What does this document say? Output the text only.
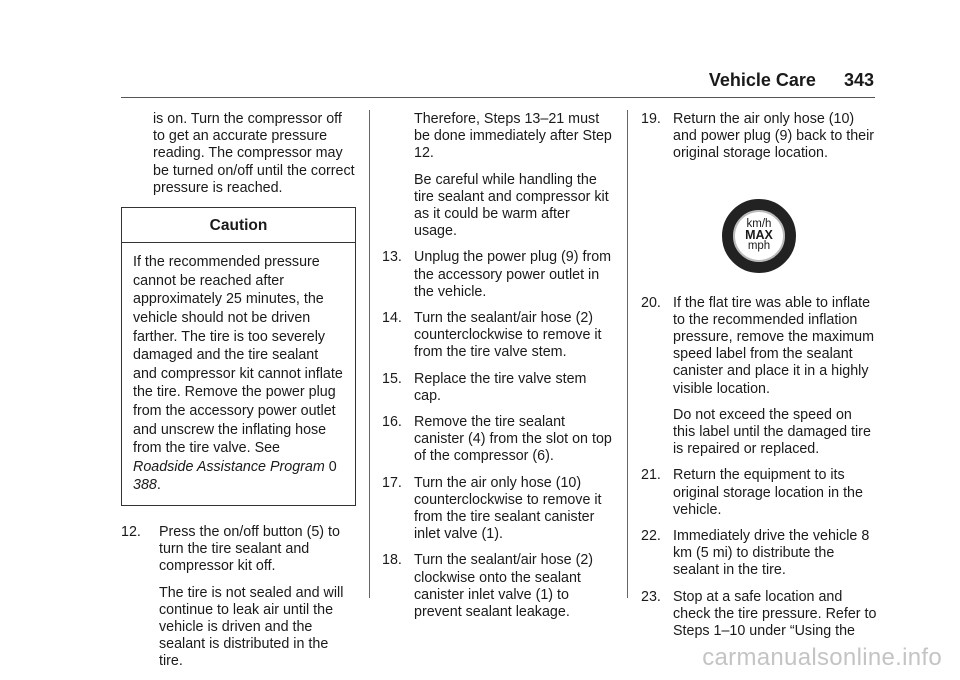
Vehicle Care 343
is on. Turn the compressor off to get an accurate pressure reading. The compressor may be turned on/off until the correct pressure is reached.
Caution
If the recommended pressure cannot be reached after approximately 25 minutes, the vehicle should not be driven farther. The tire is too severely damaged and the tire sealant and compressor kit cannot inflate the tire. Remove the power plug from the accessory power outlet and unscrew the inflating hose from the tire valve. See Roadside Assistance Program 0 388.
12.	Press the on/off button (5) to turn the tire sealant and compressor kit off.
The tire is not sealed and will continue to leak air until the vehicle is driven and the sealant is distributed in the tire.
Therefore, Steps 13–21 must be done immediately after Step 12.
Be careful while handling the tire sealant and compressor kit as it could be warm after usage.
13. Unplug the power plug (9) from the accessory power outlet in the vehicle.
14. Turn the sealant/air hose (2) counterclockwise to remove it from the tire valve stem.
15. Replace the tire valve stem cap.
16. Remove the tire sealant canister (4) from the slot on top of the compressor (6).
17. Turn the air only hose (10) counterclockwise to remove it from the tire sealant canister inlet valve (1).
18. Turn the sealant/air hose (2) clockwise onto the sealant canister inlet valve (1) to prevent sealant leakage.
19. Return the air only hose (10) and power plug (9) back to their original storage location.
km/h
MAX
mph
20. If the flat tire was able to inflate to the recommended inflation pressure, remove the maximum speed label from the sealant canister and place it in a highly visible location.
Do not exceed the speed on this label until the damaged tire is repaired or replaced.
21. Return the equipment to its original storage location in the vehicle.
22. Immediately drive the vehicle 8 km (5 mi) to distribute the sealant in the tire.
23. Stop at a safe location and check the tire pressure. Refer to Steps 1–10 under “Using the
carmanualsonline.info
